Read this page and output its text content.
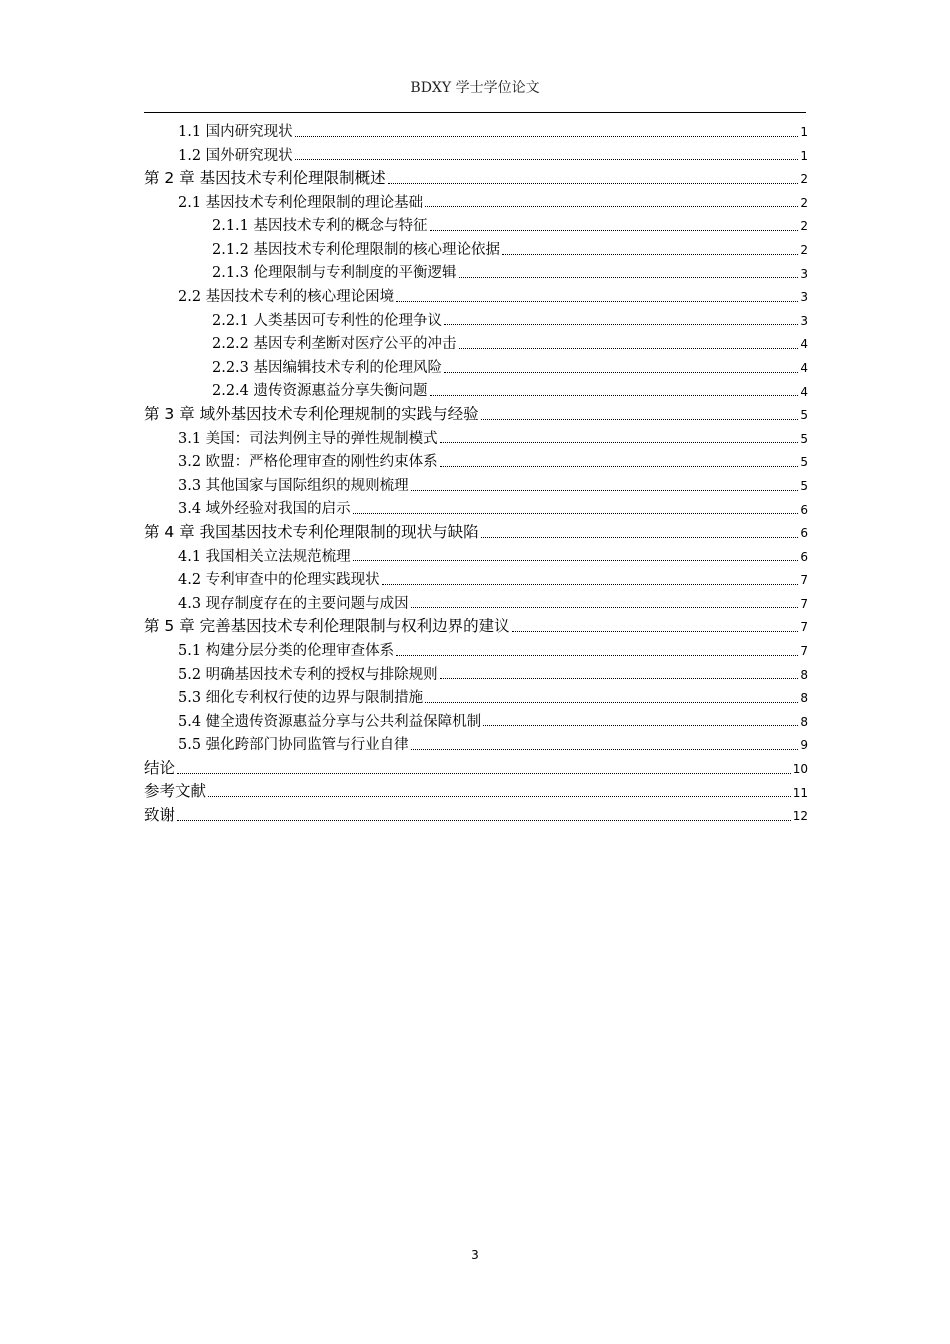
BDXY 学士学位论文
1.1 国内研究现状	1
1.2 国外研究现状	1
第 2 章 基因技术专利伦理限制概述	2
2.1 基因技术专利伦理限制的理论基础	2
2.1.1 基因技术专利的概念与特征	2
2.1.2 基因技术专利伦理限制的核心理论依据	2
2.1.3 伦理限制与专利制度的平衡逻辑	3
2.2 基因技术专利的核心理论困境	3
2.2.1 人类基因可专利性的伦理争议	3
2.2.2 基因专利垄断对医疗公平的冲击	4
2.2.3 基因编辑技术专利的伦理风险	4
2.2.4 遗传资源惠益分享失衡问题	4
第 3 章 域外基因技术专利伦理规制的实践与经验	5
3.1 美国：司法判例主导的弹性规制模式	5
3.2 欧盟：严格伦理审查的刚性约束体系	5
3.3 其他国家与国际组织的规则梳理	5
3.4 域外经验对我国的启示	6
第 4 章 我国基因技术专利伦理限制的现状与缺陷	6
4.1 我国相关立法规范梳理	6
4.2 专利审查中的伦理实践现状	7
4.3 现存制度存在的主要问题与成因	7
第 5 章 完善基因技术专利伦理限制与权利边界的建议	7
5.1 构建分层分类的伦理审查体系	7
5.2 明确基因技术专利的授权与排除规则	8
5.3 细化专利权行使的边界与限制措施	8
5.4 健全遗传资源惠益分享与公共利益保障机制	8
5.5 强化跨部门协同监管与行业自律	9
结论	10
参考文献	11
致谢	12
3
